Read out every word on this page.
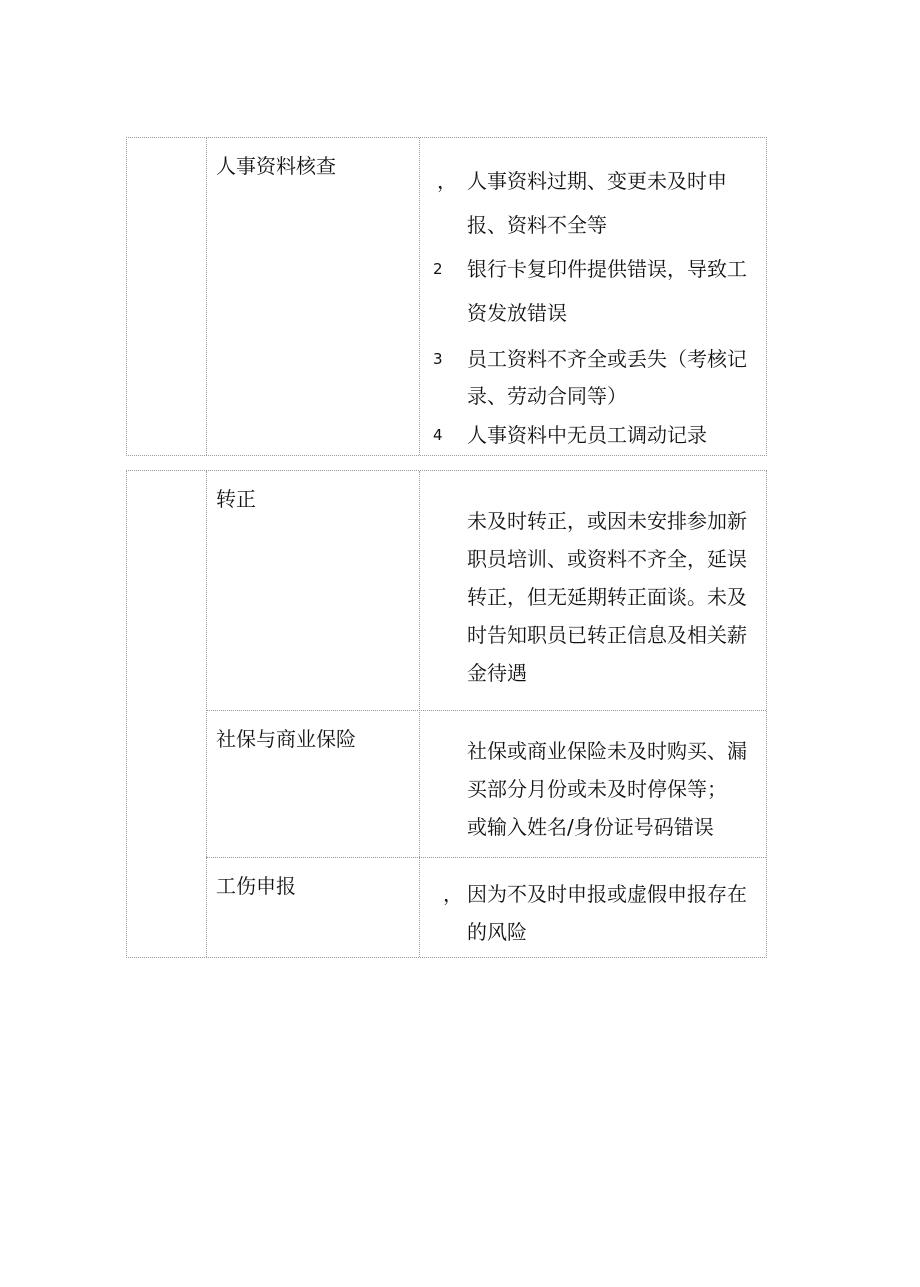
人事资料核查
， 人事资料过期、变更未及时申
报、资料不全等
2 银行卡复印件提供错误，导致工
资发放错误
3 员工资料不齐全或丢失（考核记
录、劳动合同等）
4 人事资料中无员工调动记录
转正
未及时转正，或因未安排参加新
职员培训、或资料不齐全，延误
转正，但无延期转正面谈。未及
时告知职员已转正信息及相关薪
金待遇
社保与商业保险	社保或商业保险未及时购买、漏
买部分月份或未及时停保等；
或输入姓名/身份证号码错误
工伤申报	， 因为不及时申报或虚假申报存在
的风险
